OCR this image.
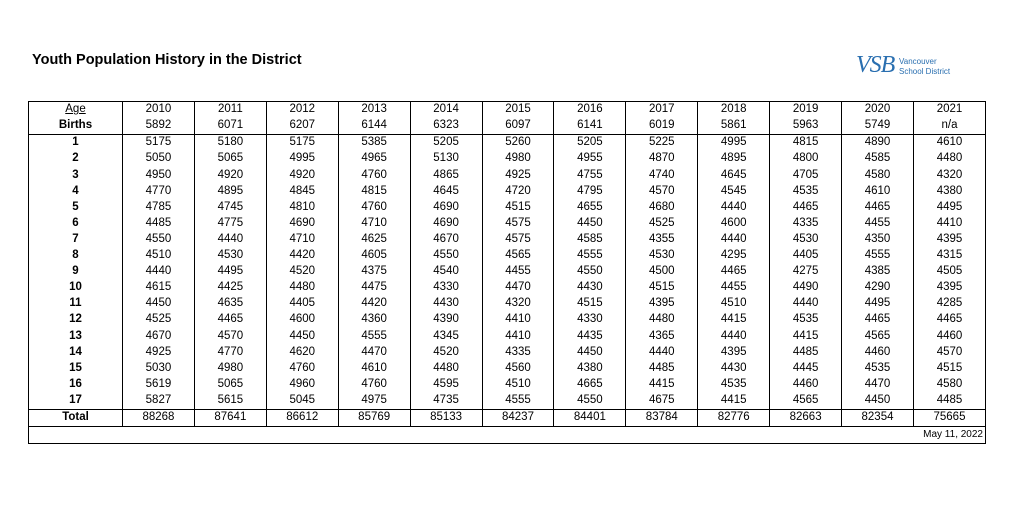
Youth Population History in the District	VSB Vancouver
School District
Age	2010	2011	2012	2013	2014	2015	2016	2017	2018	2019	2020	2021
Births	5892	6071	6207	6144	6323	6097	6141	6019	5861	5963	5749	n/a
1	5175	5180	5175	5385	5205	5260	5205	5225	4995	4815	4890	4610
2	5050	5065	4995	4965	5130	4980	4955	4870	4895	4800	4585	4480
3	4950	4920	4920	4760	4865	4925	4755	4740	4645	4705	4580	4320
4	4770	4895	4845	4815	4645	4720	4795	4570	4545	4535	4610	4380
5	4785	4745	4810	4760	4690	4515	4655	4680	4440	4465	4465	4495
6	4485	4775	4690	4710	4690	4575	4450	4525	4600	4335	4455	4410
7	4550	4440	4710	4625	4670	4575	4585	4355	4440	4530	4350	4395
8	4510	4530	4420	4605	4550	4565	4555	4530	4295	4405	4555	4315
9	4440	4495	4520	4375	4540	4455	4550	4500	4465	4275	4385	4505
10	4615	4425	4480	4475	4330	4470	4430	4515	4455	4490	4290	4395
11	4450	4635	4405	4420	4430	4320	4515	4395	4510	4440	4495	4285
12	4525	4465	4600	4360	4390	4410	4330	4480	4415	4535	4465	4465
13	4670	4570	4450	4555	4345	4410	4435	4365	4440	4415	4565	4460
14	4925	4770	4620	4470	4520	4335	4450	4440	4395	4485	4460	4570
15	5030	4980	4760	4610	4480	4560	4380	4485	4430	4445	4535	4515
16	5619	5065	4960	4760	4595	4510	4665	4415	4535	4460	4470	4580
17	5827	5615	5045	4975	4735	4555	4550	4675	4415	4565	4450	4485
Total	88268	87641	86612	85769	85133	84237	84401	83784	82776	82663	82354	75665
May 11, 2022												
